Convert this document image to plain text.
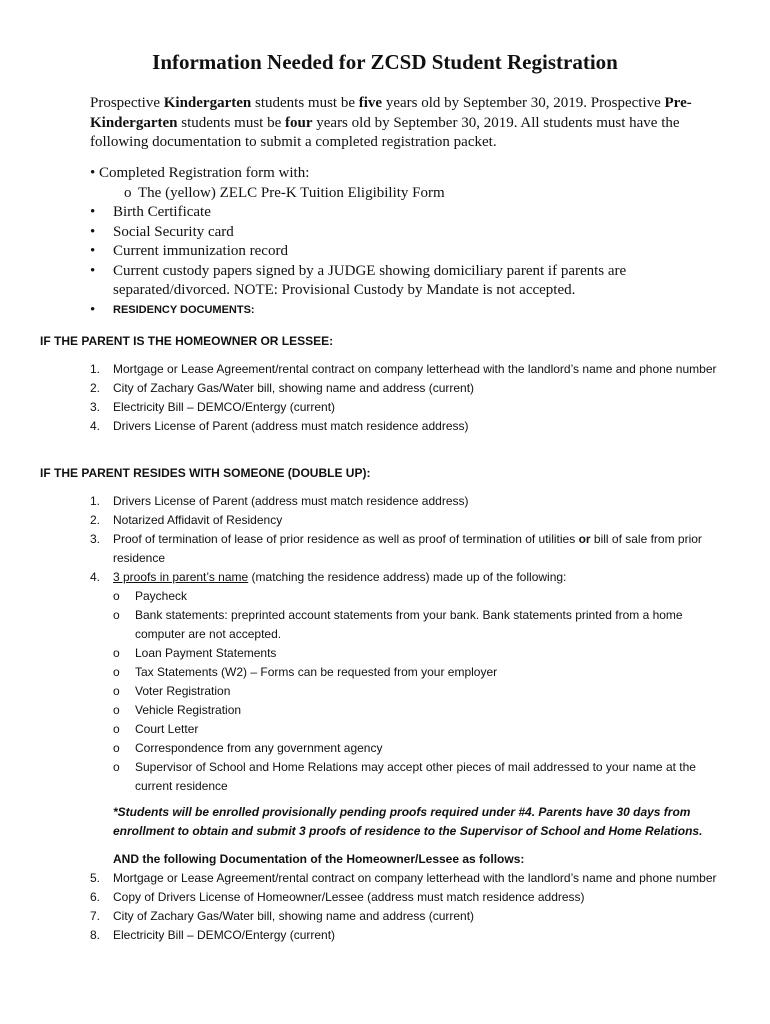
Information Needed for ZCSD Student Registration

Prospective Kindergarten students must be five years old by September 30, 2019. Prospective Pre-Kindergarten students must be four years old by September 30, 2019. All students must have the following documentation to submit a completed registration packet.

• Completed Registration form with:
o The (yellow) ZELC Pre-K Tuition Eligibility Form
• Birth Certificate
• Social Security card
• Current immunization record
• Current custody papers signed by a JUDGE showing domiciliary parent if parents are separated/divorced. NOTE: Provisional Custody by Mandate is not accepted.
• RESIDENCY DOCUMENTS:
IF THE PARENT IS THE HOMEOWNER OR LESSEE:
1.	Mortgage or Lease Agreement/rental contract on company letterhead with the landlord’s name and phone number
2.	City of Zachary Gas/Water bill, showing name and address (current)
3.	Electricity Bill – DEMCO/Entergy (current)
4.	Drivers License of Parent (address must match residence address)
IF THE PARENT RESIDES WITH SOMEONE (DOUBLE UP):
1.	Drivers License of Parent (address must match residence address)
2.	Notarized Affidavit of Residency
3.	Proof of termination of lease of prior residence as well as proof of termination of utilities or bill of sale from prior residence
4.	3 proofs in parent’s name (matching the residence address) made up of the following:
o Paycheck
o Bank statements: preprinted account statements from your bank. Bank statements printed from a home computer are not accepted.
o Loan Payment Statements
o Tax Statements (W2) – Forms can be requested from your employer
o Voter Registration
o Vehicle Registration
o Court Letter
o Correspondence from any government agency
o Supervisor of School and Home Relations may accept other pieces of mail addressed to your name at the current residence

*Students will be enrolled provisionally pending proofs required under #4. Parents have 30 days from enrollment to obtain and submit 3 proofs of residence to the Supervisor of School and Home Relations.

AND the following Documentation of the Homeowner/Lessee as follows:

5.	Mortgage or Lease Agreement/rental contract on company letterhead with the landlord’s name and phone number
6.	Copy of Drivers License of Homeowner/Lessee (address must match residence address)
7.	City of Zachary Gas/Water bill, showing name and address (current)
8.	Electricity Bill – DEMCO/Entergy (current)
